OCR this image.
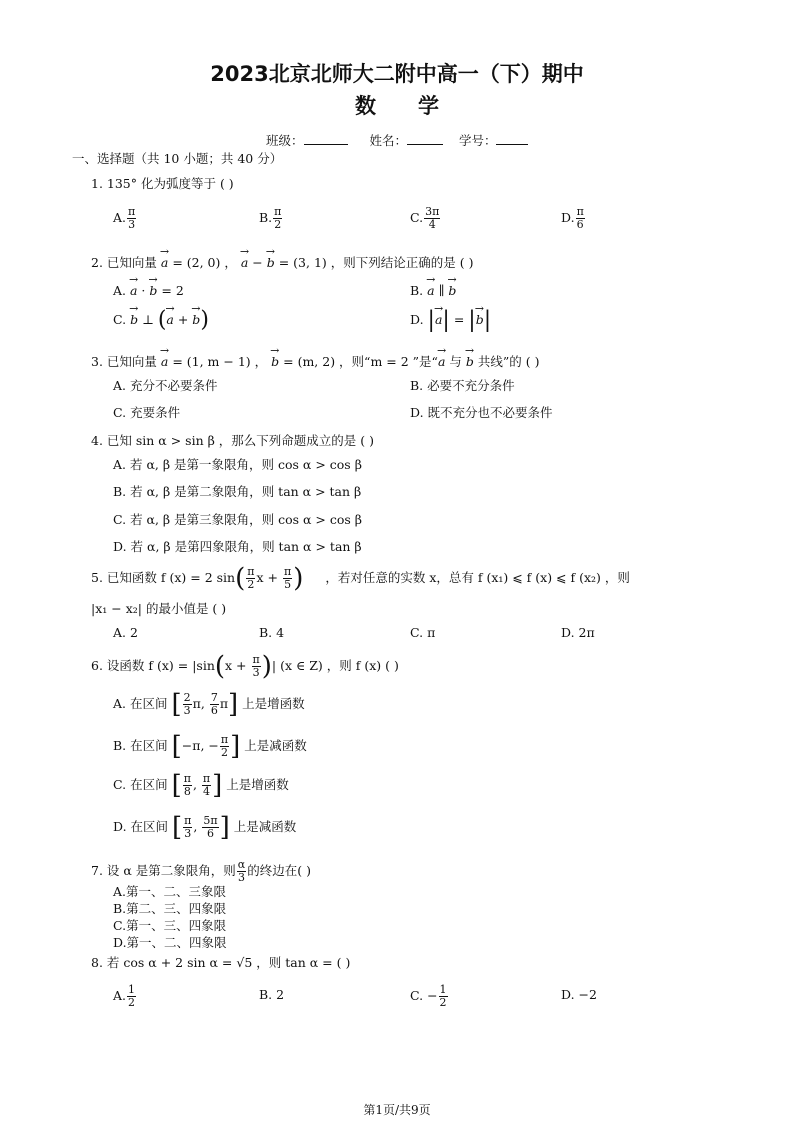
2023北京北师大二附中高一（下）期中
数　　学
班级：	姓名：	学号：
一、选择题（共 10 小题；共 40 分）
1. 135° 化为弧度等于 ( )
A. $\frac{\pi}{3}$	B. $\frac{\pi}{2}$	C. $\frac{3\pi}{4}$	D. $\frac{\pi}{6}$
2. 已知向量 → a = (2, 0) ， → a − → b = (3, 1) ，则下列结论正确的是 ( )
A. → a · → b = 2	B. → a ∥ → b
C. → b ⊥ (→ a + → b)	D. |→ a| = |→ b|
3. 已知向量 → a = (1, m − 1) ， → b = (m, 2) ，则“m = 2 ”是“→ a 与 → b 共线”的 ( )
A. 充分不必要条件	B. 必要不充分条件
C. 充要条件	D. 既不充分也不必要条件
4. 已知 sin α > sin β ，那么下列命题成立的是 ( )
A. 若 α, β 是第一象限角，则 cos α > cos β
B. 若 α, β 是第二象限角，则 tan α > tan β
C. 若 α, β 是第三象限角，则 cos α > cos β
D. 若 α, β 是第四象限角，则 tan α > tan β
5. 已知函数 f (x) = 2 $\sin( \frac{\pi}{2}$ $x + \frac{\pi}{5}$ ) ，若对任意的实数 x，总有 f (x₁) ⩽ f (x) ⩽ f (x₂) ，则
|x₁ − x₂| 的最小值是 ( )
A. 2	B. 4	C. π	D. 2π
6. 设函数 f $(x) = |\sin(x + \frac{\pi}{3}$ )| (x ∈ Z) ，则 f (x) ( )
A. 在区间 [ $\frac{2}{3} \pi$, $\frac{7}{6} \pi$] 上是增函数
B. 在区间 [−π, − $\frac{\pi}{2}$ ] 上是减函数
C. 在区间 [ $\frac{\pi}{8}$ , $\frac{\pi}{4}$ ] 上是增函数
D. 在区间 [ $\frac{\pi}{3}$ , $\frac{5\pi}{6}$ ] 上是减函数
7. 设 α 是第二象限角，则 $\frac{\alpha}{3}$ 的终边在( )
A.第一、二、三象限
B.第二、三、四象限
C.第一、三、四象限
D.第一、二、四象限
8. 若 cos α + 2 sin α = √5 ，则 tan α = ( )
A. $\frac{1}{2}$	B. 2	C. − $\frac{1}{2}$	D. −2
第1页/共9页
